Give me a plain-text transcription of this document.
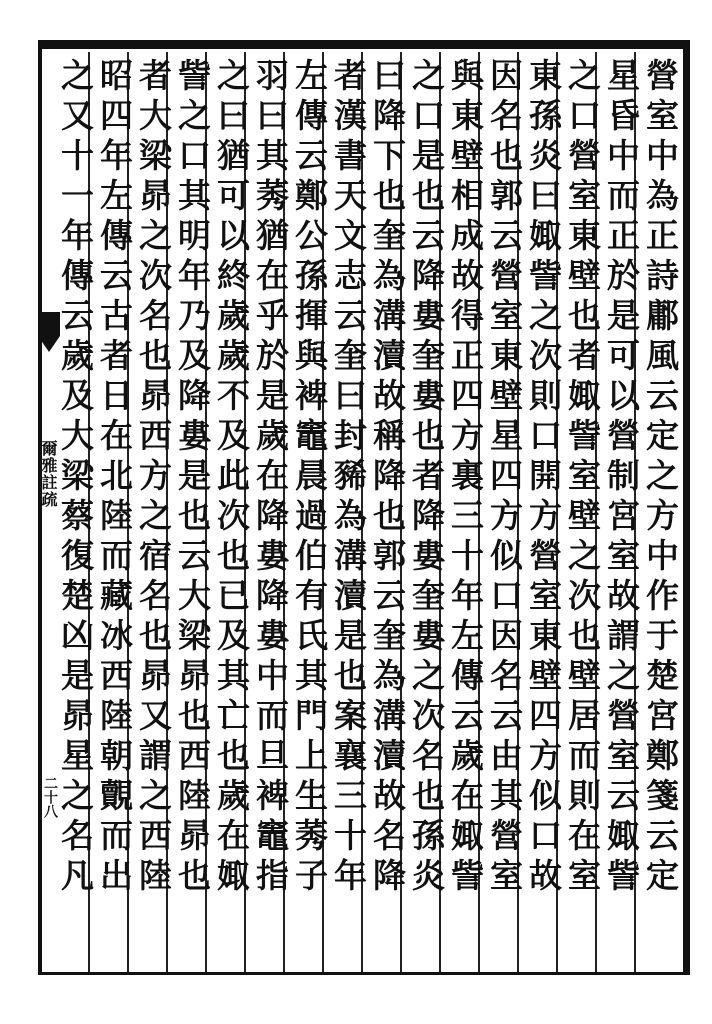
爾雅註疏
二十八	營室中為正詩鄘風云定之方中作于楚宮鄭箋云定
星昏中而正於是可以營制宮室故謂之營室云娵訾
之口營室東壁也者娵訾室壁之次也壁居而則在室
東孫炎曰娵訾之次則口開方營室東壁四方似口故
因名也郭云營室東壁星四方似口因名云由其營室
與東壁相成故得正四方裏三十年左傳云歲在娵訾
之口是也云降婁奎婁也者降婁奎婁之次名也孫炎
曰降下也奎為溝瀆故稱降也郭云奎為溝瀆故名降
者漢書天文志云奎曰封豨為溝瀆是也案襄三十年
左傳云鄭公孫揮與裨竈晨過伯有氏其門上生莠子
羽曰其莠猶在乎於是歲在降婁降婁中而旦裨竈指
之曰猶可以終歲歲不及此次也已及其亡也歲在娵
訾之口其明年乃及降婁是也云大梁昴也西陸昴也
者大梁昴之次名也昴西方之宿名也昴又謂之西陸
昭四年左傳云古者日在北陸而藏冰西陸朝覿而出
之又十一年傳云歲及大梁蔡復楚凶是昴星之名凡
